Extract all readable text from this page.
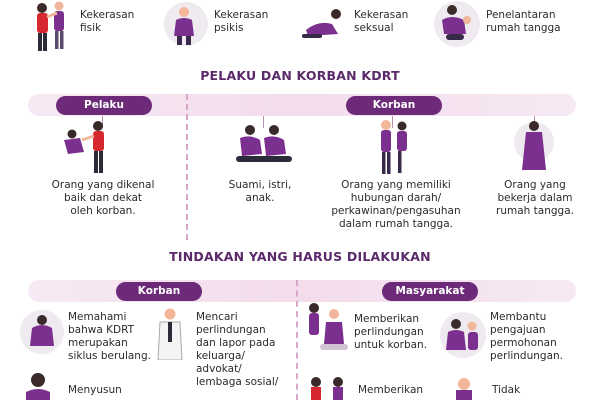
Kekerasan
fisik
Kekerasan
psikis
Kekerasan
seksual
Penelantaran
rumah tangga
PELAKU DAN KORBAN KDRT
Pelaku	Korban
Orang yang dikenal
baik dan dekat
oleh korban.
Suami, istri,
anak.
Orang yang memiliki
hubungan darah/
perkawinan/pengasuhan
dalam rumah tangga.
Orang yang
bekerja dalam
rumah tangga.
TINDAKAN YANG HARUS DILAKUKAN
Korban	Masyarakat
Memahami
bahwa KDRT
merupakan
siklus berulang.
Mencari
perlindungan
dan lapor pada
keluarga/
advokat/
lembaga sosial/
Menyusun
Memberikan
perlindungan
untuk korban.
Membantu
pengajuan
permohonan
perlindungan.
Memberikan	Tidak
